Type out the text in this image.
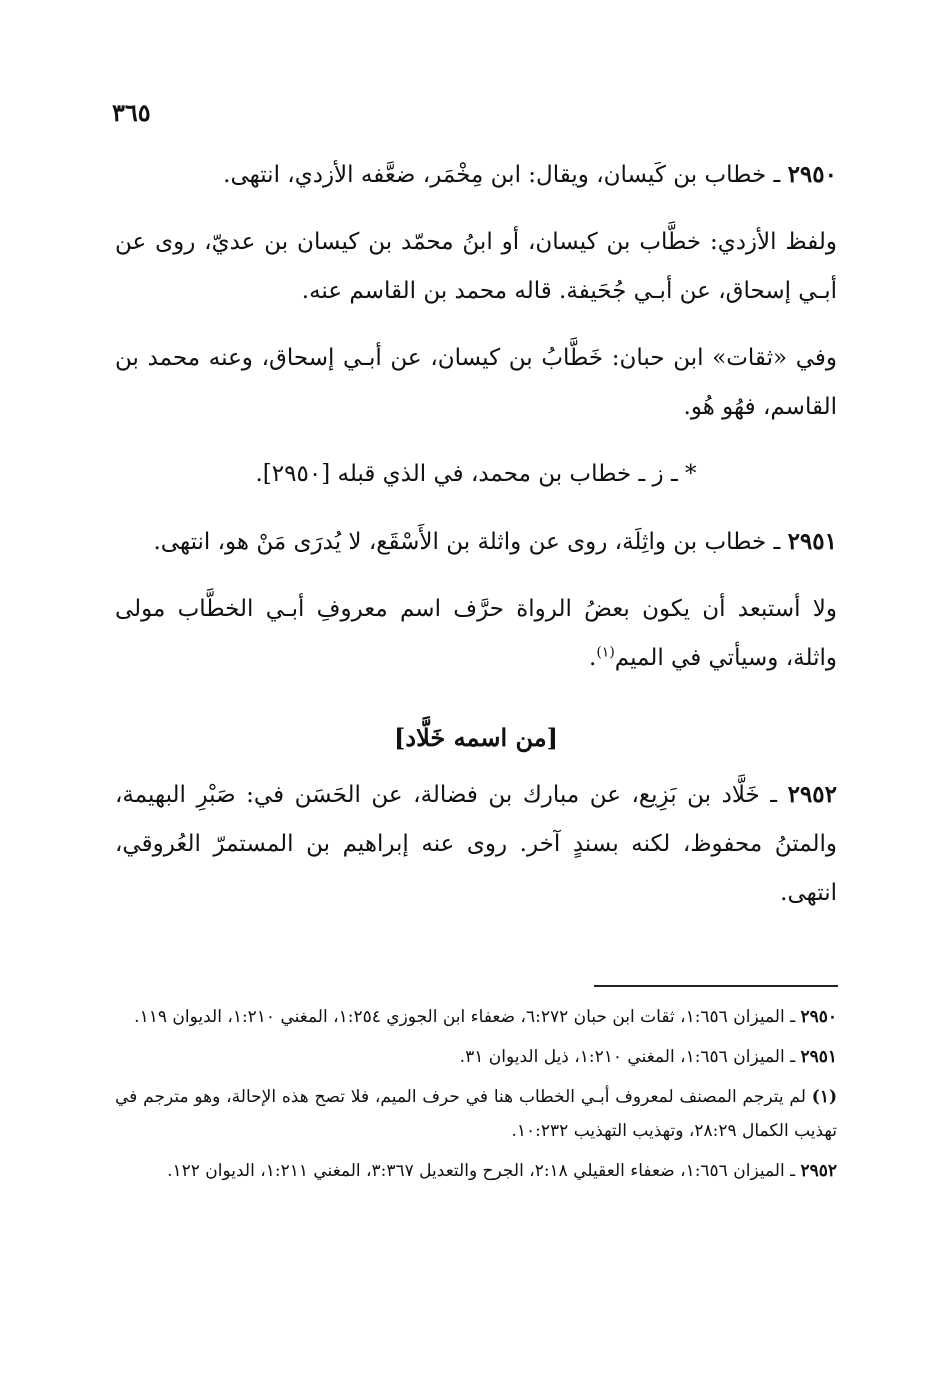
٣٦٥

٢٩٥٠ ـ خطاب بن كَيسان، ويقال: ابن مِخْمَر، ضعَّفه الأزدي، انتهى.

ولفظ الأزدي: خطَّاب بن كيسان، أو ابنُ محمّد بن كيسان بن عديّ، روى عن أبـي إسحاق، عن أبـي جُحَيفة. قاله محمد بن القاسم عنه.

وفي «ثقات» ابن حبان: خَطَّابُ بن كيسان، عن أبـي إسحاق، وعنه محمد بن القاسم، فهُو هُو.

* ـ ز ـ خطاب بن محمد، في الذي قبله [٢٩٥٠].

٢٩٥١ ـ خطاب بن واثِلَة، روى عن واثلة بن الأَسْقَع، لا يُدرَى مَنْ هو، انتهى.

ولا أستبعد أن يكون بعضُ الرواة حرَّف اسم معروفِ أبـي الخطَّاب مولى واثلة، وسيأتي في الميم$^{(١)}$.

[من اسمه خَلَّاد]

٢٩٥٢ ـ خَلَّاد بن بَزِيع، عن مبارك بن فضالة، عن الحَسَن في: صَبْرِ البهيمة، والمتنُ محفوظ، لكنه بسندٍ آخر. روى عنه إبراهيم بن المستمرّ العُروقي، انتهى.

٢٩٥٠ ـ الميزان ١:٦٥٦، ثقات ابن حبان ٦:٢٧٢، ضعفاء ابن الجوزي ١:٢٥٤، المغني ١:٢١٠، الديوان ١١٩.

٢٩٥١ ـ الميزان ١:٦٥٦، المغني ١:٢١٠، ذيل الديوان ٣١.

(١) لم يترجم المصنف لمعروف أبـي الخطاب هنا في حرف الميم، فلا تصح هذه الإحالة، وهو مترجم في تهذيب الكمال ٢٨:٢٩، وتهذيب التهذيب ١٠:٢٣٢.

٢٩٥٢ ـ الميزان ١:٦٥٦، ضعفاء العقيلي ٢:١٨، الجرح والتعديل ٣:٣٦٧، المغني ١:٢١١، الديوان ١٢٢.
